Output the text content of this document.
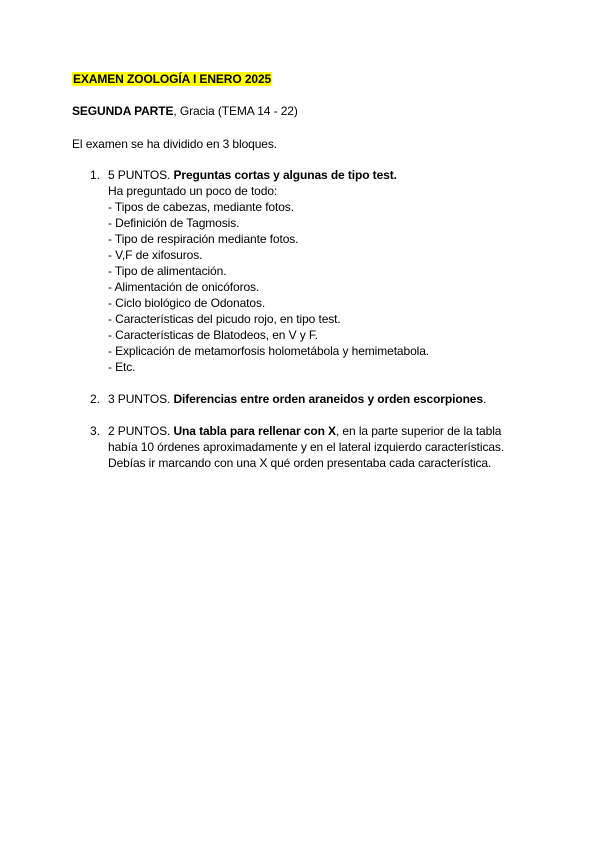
EXAMEN ZOOLOGÍA I ENERO 2025
SEGUNDA PARTE, Gracia (TEMA 14 - 22)
El examen se ha dividido en 3 bloques.
1. 5 PUNTOS. Preguntas cortas y algunas de tipo test.
Ha preguntado un poco de todo:
- Tipos de cabezas, mediante fotos.
- Definición de Tagmosis.
- Tipo de respiración mediante fotos.
- V,F de xifosuros.
- Tipo de alimentación.
- Alimentación de onicóforos.
- Ciclo biológico de Odonatos.
- Características del picudo rojo, en tipo test.
- Características de Blatodeos, en V y F.
- Explicación de metamorfosis holometábola y hemimetabola.
- Etc.
2. 3 PUNTOS. Diferencias entre orden araneidos y orden escorpiones.
3. 2 PUNTOS. Una tabla para rellenar con X, en la parte superior de la tabla
había 10 órdenes aproximadamente y en el lateral izquierdo características.
Debías ir marcando con una X qué orden presentaba cada característica.
